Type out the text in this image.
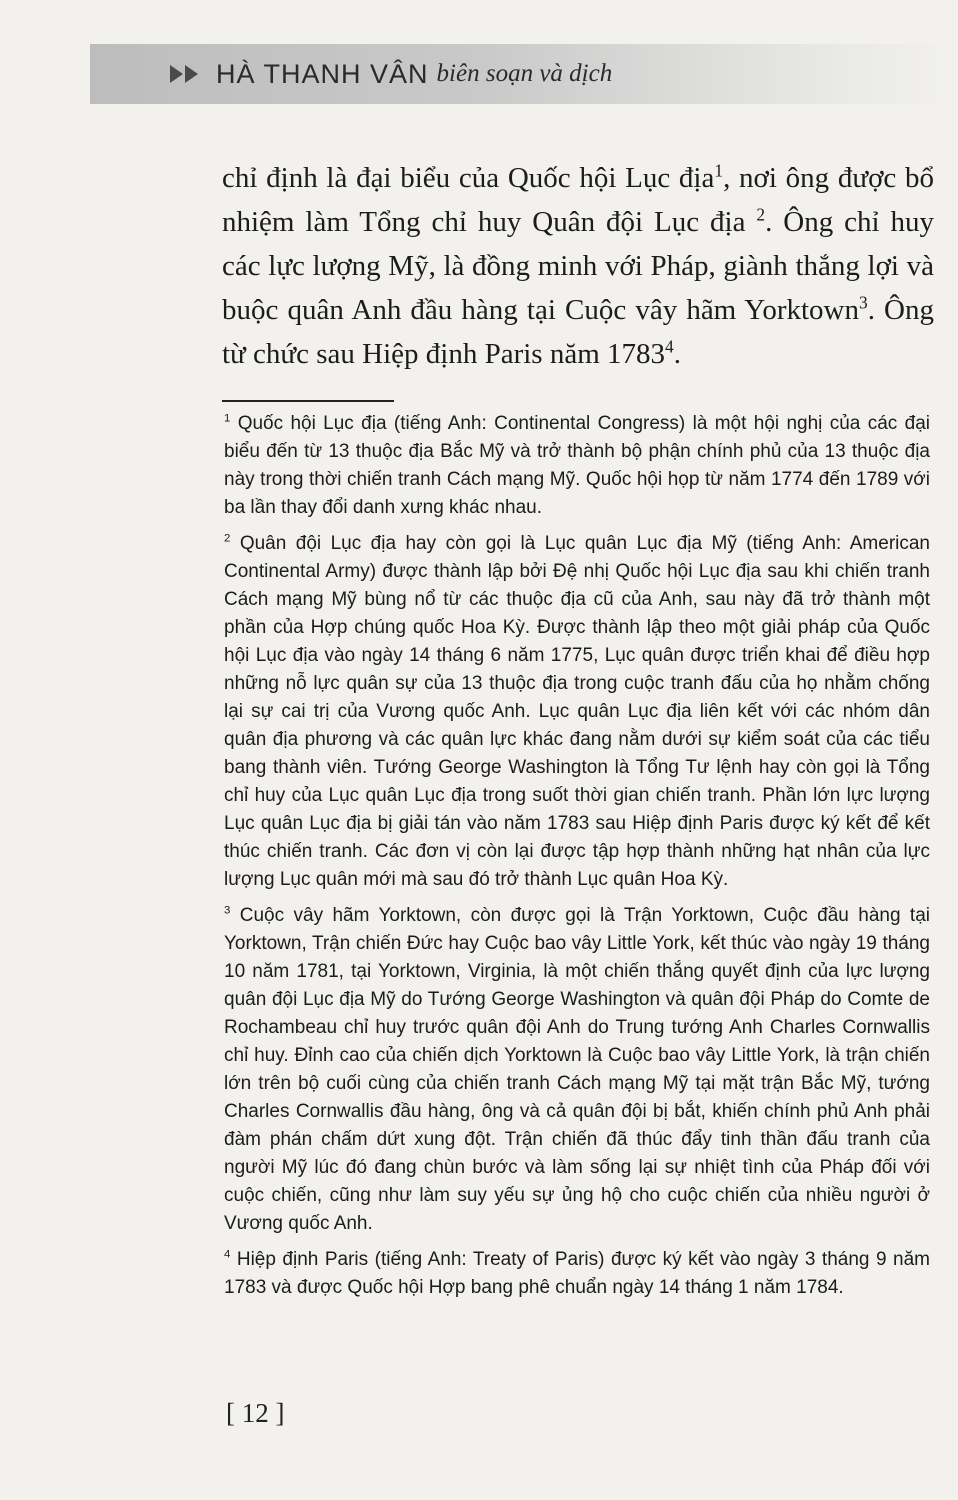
HÀ THANH VÂN biên soạn và dịch

chỉ định là đại biểu của Quốc hội Lục địa$^1$, nơi ông được bổ nhiệm làm Tổng chỉ huy Quân đội Lục địa $^2$. Ông chỉ huy các lực lượng Mỹ, là đồng minh với Pháp, giành thắng lợi và buộc quân Anh đầu hàng tại Cuộc vây hãm Yorktown$^3$. Ông từ chức sau Hiệp định Paris năm 1783$^4$.

$^1$ Quốc hội Lục địa (tiếng Anh: Continental Congress) là một hội nghị của các đại biểu đến từ 13 thuộc địa Bắc Mỹ và trở thành bộ phận chính phủ của 13 thuộc địa này trong thời chiến tranh Cách mạng Mỹ. Quốc hội họp từ năm 1774 đến 1789 với ba lần thay đổi danh xưng khác nhau.

$^2$ Quân đội Lục địa hay còn gọi là Lục quân Lục địa Mỹ (tiếng Anh: American Continental Army) được thành lập bởi Đệ nhị Quốc hội Lục địa sau khi chiến tranh Cách mạng Mỹ bùng nổ từ các thuộc địa cũ của Anh, sau này đã trở thành một phần của Hợp chúng quốc Hoa Kỳ. Được thành lập theo một giải pháp của Quốc hội Lục địa vào ngày 14 tháng 6 năm 1775, Lục quân được triển khai để điều hợp những nỗ lực quân sự của 13 thuộc địa trong cuộc tranh đấu của họ nhằm chống lại sự cai trị của Vương quốc Anh. Lục quân Lục địa liên kết với các nhóm dân quân địa phương và các quân lực khác đang nằm dưới sự kiểm soát của các tiểu bang thành viên. Tướng George Washington là Tổng Tư lệnh hay còn gọi là Tổng chỉ huy của Lục quân Lục địa trong suốt thời gian chiến tranh. Phần lớn lực lượng Lục quân Lục địa bị giải tán vào năm 1783 sau Hiệp định Paris được ký kết để kết thúc chiến tranh. Các đơn vị còn lại được tập hợp thành những hạt nhân của lực lượng Lục quân mới mà sau đó trở thành Lục quân Hoa Kỳ.

$^3$ Cuộc vây hãm Yorktown, còn được gọi là Trận Yorktown, Cuộc đầu hàng tại Yorktown, Trận chiến Đức hay Cuộc bao vây Little York, kết thúc vào ngày 19 tháng 10 năm 1781, tại Yorktown, Virginia, là một chiến thắng quyết định của lực lượng quân đội Lục địa Mỹ do Tướng George Washington và quân đội Pháp do Comte de Rochambeau chỉ huy trước quân đội Anh do Trung tướng Anh Charles Cornwallis chỉ huy. Đỉnh cao của chiến dịch Yorktown là Cuộc bao vây Little York, là trận chiến lớn trên bộ cuối cùng của chiến tranh Cách mạng Mỹ tại mặt trận Bắc Mỹ, tướng Charles Cornwallis đầu hàng, ông và cả quân đội bị bắt, khiến chính phủ Anh phải đàm phán chấm dứt xung đột. Trận chiến đã thúc đẩy tinh thần đấu tranh của người Mỹ lúc đó đang chùn bước và làm sống lại sự nhiệt tình của Pháp đối với cuộc chiến, cũng như làm suy yếu sự ủng hộ cho cuộc chiến của nhiều người ở Vương quốc Anh.

$^4$ Hiệp định Paris (tiếng Anh: Treaty of Paris) được ký kết vào ngày 3 tháng 9 năm 1783 và được Quốc hội Hợp bang phê chuẩn ngày 14 tháng 1 năm 1784.

[ 12 ]
